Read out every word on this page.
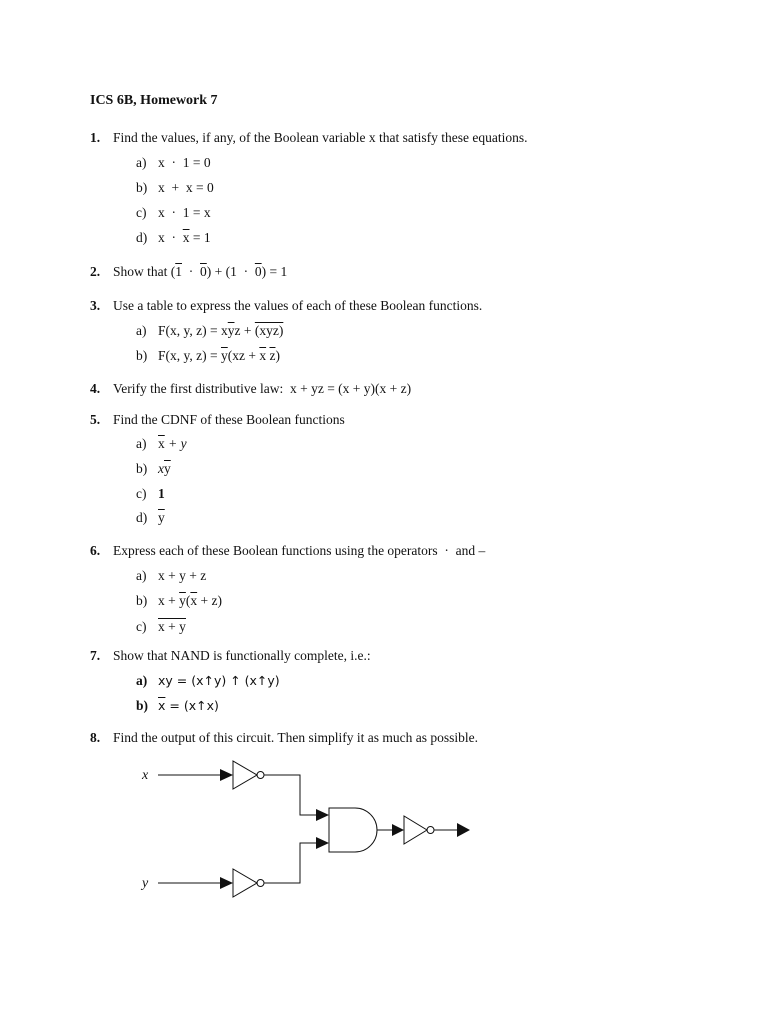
ICS 6B, Homework 7
1. Find the values, if any, of the Boolean variable x that satisfy these equations.
a) x  ·  1 = 0
b) x  +  x = 0
c) x  ·  1 = x
d) $x \cdot \overline{x} = 1$
2. Show that (1  ·  0) + (1  ·  0) = 1
3. Use a table to express the values of each of these Boolean functions.
a) F(x, y, $z) = x\overline{y}z + (xyz)$
b) F(x, y, $z) = \overline{y}(xz + \overline{x}$ $\overline{z}$)
4. Verify the first distributive law:  x + yz = (x + y)(x + z)
5. Find the CDNF of these Boolean functions
a) $\overline{x} + y$
b) $x\overline{y}$
c) 1
d) $\overline{y}$
6. Express each of these Boolean functions using the operators  ·  and –
a) x + y + z
b) $x + \overline{y}(\overline{x} + z)$
c) x + y
7. Show that NAND is functionally complete, i.e.:
a) xy = (x↑y) ↑ (x↑y)
b) $\overline{x}$ = (x↑x)
8. Find the output of this circuit. Then simplify it as much as possible.
x
y
